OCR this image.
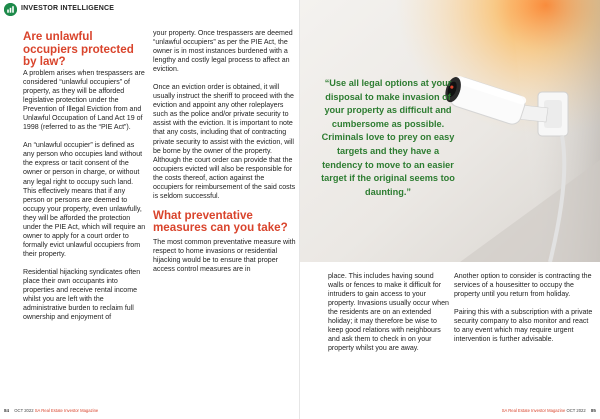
INVESTOR INTELLIGENCE
Are unlawful occupiers protected by law?

A problem arises when trespassers are considered “unlawful occupiers” of property, as they will be afforded legislative protection under the Prevention of Illegal Eviction from and Unlawful Occupation of Land Act 19 of 1998 (referred to as the “PIE Act”).

An “unlawful occupier” is defined as any person who occupies land without the express or tacit consent of the owner or person in charge, or without any legal right to occupy such land. This effectively means that if any person or persons are deemed to occupy your property, even unlawfully, they will be afforded the protection under the PIE Act, which will require an owner to apply for a court order to formally evict unlawful occupiers from their property.

Residential hijacking syndicates often place their own occupants into properties and receive rental income whilst you are left with the administrative burden to reclaim full ownership and enjoyment of

your property. Once trespassers are deemed “unlawful occupiers” as per the PIE Act, the owner is in most instances burdened with a lengthy and costly legal process to affect an eviction.

Once an eviction order is obtained, it will usually instruct the sheriff to proceed with the eviction and appoint any other roleplayers such as the police and/or private security to assist with the eviction. It is important to note that any costs, including that of contracting private security to assist with the eviction, will be borne by the owner of the property. Although the court order can provide that the occupiers evicted will also be responsible for the costs thereof, action against the occupiers for reimbursement of the said costs is seldom successful.

What preventative measures can you take?

The most common preventative measure with respect to home invasions or residential hijacking would be to ensure that proper access control measures are in

84 OCT 2022 SA Real Estate Investor Magazine

place. This includes having sound walls or fences to make it difficult for intruders to gain access to your property. Invasions usually occur when the residents are on an extended holiday; it may therefore be wise to keep good relations with neighbours and ask them to check in on your property whilst you are away.

Another option to consider is contracting the services of a housesitter to occupy the property until you return from holiday.

Pairing this with a subscription with a private security company to also monitor and react to any event which may require urgent intervention is further advisable.

SA Real Estate Investor Magazine OCT 2022 85
“Use all legal options at your disposal to make invasion of your property as difficult and cumbersome as possible. Criminals love to prey on easy targets and they have a tendency to move to an easier target if the original seems too daunting.”
